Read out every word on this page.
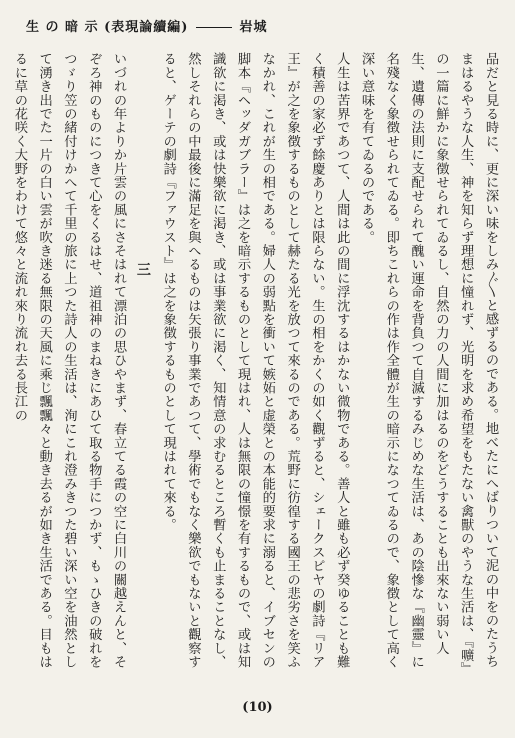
生 の 暗 示 (表現論續編)	岩城

品だと見る時に、更に深い味をしみ〴〵と感ずるのである。地べたにへばりついて泥の中をのたうちまはるやうな人生、神を知らず理想に憧れず、光明を求め希望をもたない禽獸のやうな生活は、『嚝』の一篇に鮮かに象徴せられてゐるし、自然の力の人間に加はるのをどうすることも出來ない弱い人生、遺傳の法則に支配せられて醜い運命を背負つて自滅するみじめな生活は、あの陰慘な『幽靈』に名殘なく象徴せられてゐる。即ちこれらの作は作全體が生の暗示になつてゐるので、象徴として高く深い意味を有てゐるのである。

人生は苦界であつて、人間は此の間に浮沈するはかない微物である。善人と雖も必ず癸ゆることも難く積善の家必ず餘慶ありとは限らない。生の相をかくの如く觀ずると、シェークスピヤの劇詩『リア王』が之を象徴するものとして赫たる光を放つて來るのである。荒野に彷徨する國王の悲劣さを笑ふなかれ、これが生の相である。婦人の弱點を衝いて嫉妬と虚榮との本能的要求に溺ると、イブセンの脚本『ヘッダガブラー』は之を暗示するものとして現はれ、人は無限の憧憬を有するもので、或は知識欲に渇き、或は快樂欲に渇き、或は事業欲に渇く、知情意の求むるところ暫くも止まることなし、然しそれらの中最後に滿足を與へるものは矢張り事業であつて、學術でもなく樂欲でもないと觀察すると、ゲーテの劇詩『ファウスト』は之を象徴するものとして現はれて來る。

三

いづれの年よりか片雲の風にさそはれて漂泊の思ひやまず、春立てる霞の空に白川の關越えんと、そぞろ神のものにつきて心をくるはせ、道祖神のまねきにあひて取る物手につかず、もゝひきの破れをつゞり笠の緒付けかへて千里の旅に上つた詩人の生活は、洵にこれ澄みきつた碧い深い空を油然として湧き出でた一片の白い雲が吹き迷る無限の天風に乘じ飄飄々と動き去るが如き生活である。目もはるに草の花咲く大野をわけて悠々と流れ來り流れ去る長江の

(10)
